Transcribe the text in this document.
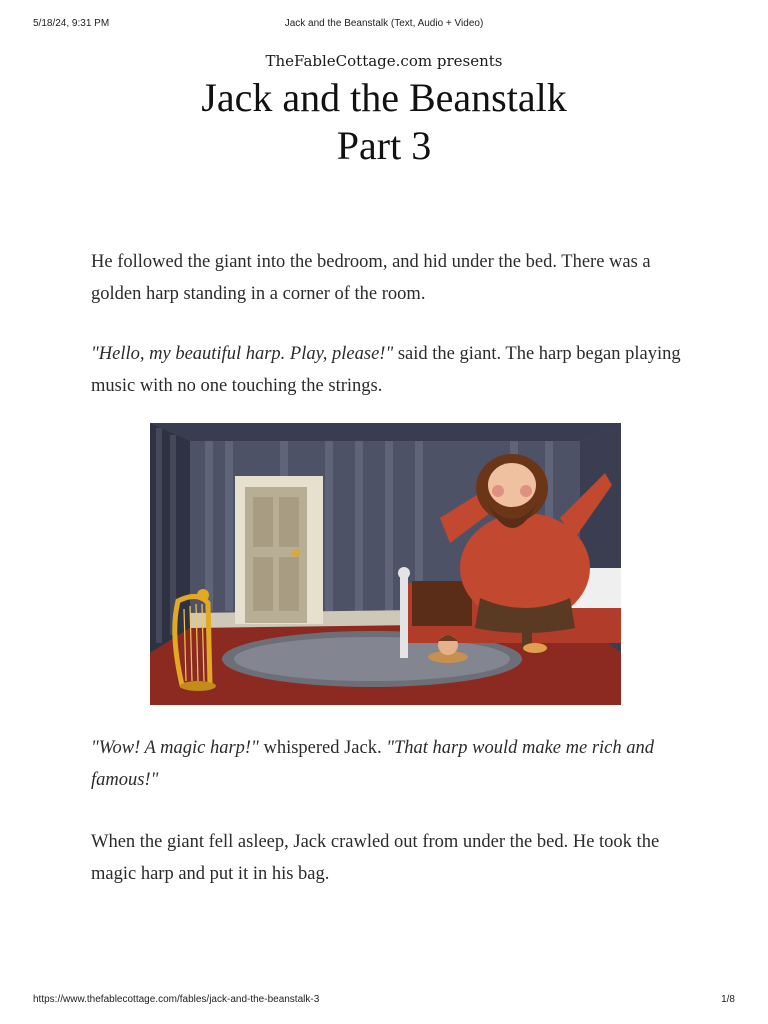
5/18/24, 9:31 PM	Jack and the Beanstalk (Text, Audio + Video)
TheFableCottage.com presents
Jack and the Beanstalk
Part 3
He followed the giant into the bedroom, and hid under the bed. There was a golden harp standing in a corner of the room.
"Hello, my beautiful harp. Play, please!" said the giant. The harp began playing music with no one touching the strings.
"Wow! A magic harp!" whispered Jack. "That harp would make me rich and famous!"
When the giant fell asleep, Jack crawled out from under the bed. He took the magic harp and put it in his bag.
https://www.thefablecottage.com/fables/jack-and-the-beanstalk-3	1/8
